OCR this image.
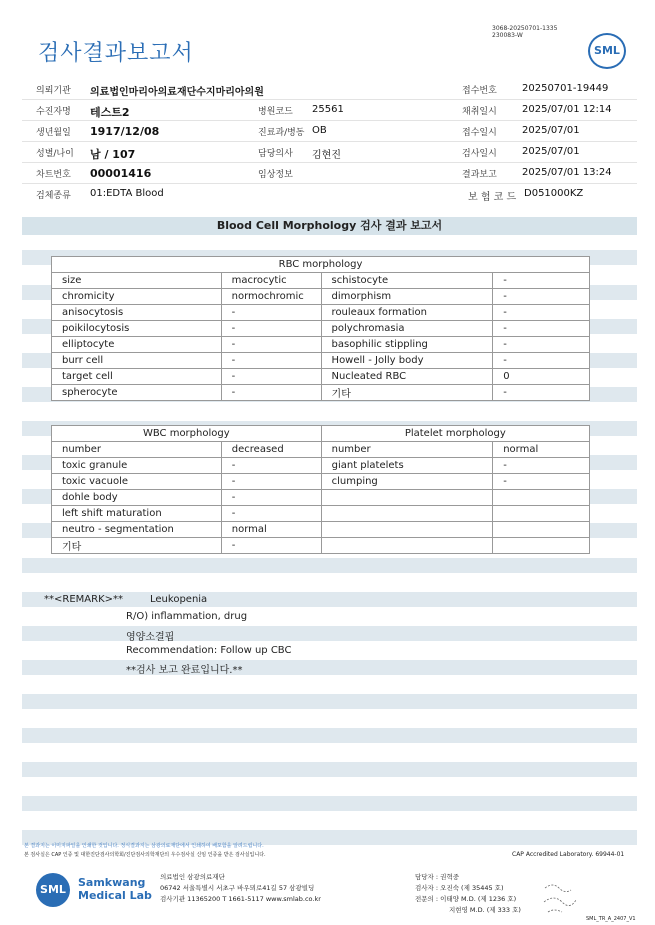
검사결과보고서
3068-20250701-1335
230083-W
SML
의뢰기관 의료법인마리아의료재단수지마리아의원	접수번호	20250701-19449
수진자명 테스트2	병원코드 25561	채취일시	2025/07/01 12:14
생년월일 1917/12/08	진료과/병동 OB	접수일시	2025/07/01
성별/나이 남 / 107	담당의사 김현진	검사일시	2025/07/01
차트번호 00001416	임상정보	결과보고	2025/07/01 13:24
검체종류 01:EDTA Blood	보 험 코 드 D051000KZ
Blood Cell Morphology 검사 결과 보고서
RBC morphology			
size	macrocytic	schistocyte	-
chromicity	normochromic	dimorphism	-
anisocytosis	-	rouleaux formation	-
poikilocytosis	-	polychromasia	-
elliptocyte	-	basophilic stippling	-
burr cell	-	Howell - Jolly body	-
target cell	-	Nucleated RBC	0
spherocyte	-	기타	-
WBC morphology		Platelet morphology	
number	decreased	number	normal
toxic granule	-	giant platelets	-
toxic vacuole	-	clumping	-
dohle body	-		
left shift maturation	-		
neutro - segmentation	normal		
기타	-		
**<REMARK>**	Leukopenia
R/O) inflammation, drug
영양소결핍
Recommendation: Follow up CBC
**검사 보고 완료입니다.**
본 결과지는 이미지파일을 인쇄한 것입니다. 정식결과지는 삼광의료재단에서 인쇄하여 배포함을 알려드립니다.
본 검사실은 CAP 인증 및 대한진단검사의학회/진단검사의학재단의 우수검사실 신임 인증을 받은 검사실입니다.	CAP Accredited Laboratory. 69944-01
SML
Samkwang
Medical Lab
의료법인 삼광의료재단
06742 서울특별시 서초구 바우뫼로41길 57 삼광빌딩
검사기관 11365200 T 1661-5117 www.smlab.co.kr
담당자 : 권혁중
검사자 : 오진숙 (제 35445 호)
전문의 : 이태양 M.D. (제 1236 호)
지현영 M.D. (제 333 호)
SML_TR_A_2407_V1
